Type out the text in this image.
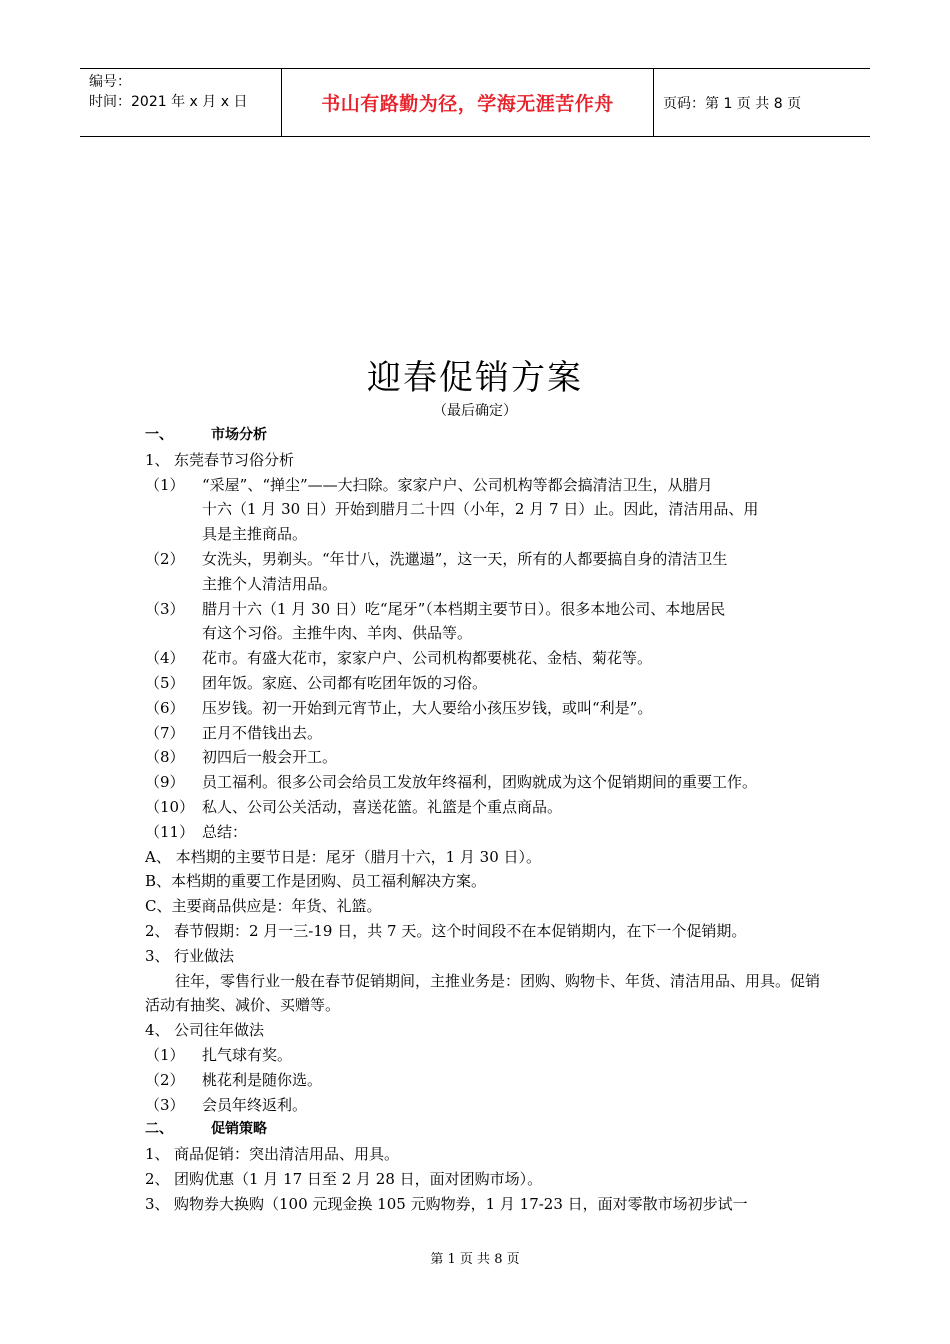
编号：
时间：2021 年 x 月 x 日	书山有路勤为径，学海无涯苦作舟	页码：第 1 页 共 8 页
迎春促销方案
（最后确定）
一、	市场分析
1、 东莞春节习俗分析
（1） “采屋”、“掸尘”——大扫除。家家户户、公司机构等都会搞清洁卫生，从腊月
十六（1 月 30 日）开始到腊月二十四（小年，2 月 7 日）止。因此，清洁用品、用
具是主推商品。
（2） 女洗头，男剃头。“年廿八，洗邋遢”，这一天，所有的人都要搞自身的清洁卫生
主推个人清洁用品。
（3） 腊月十六（1 月 30 日）吃“尾牙”（本档期主要节日）。很多本地公司、本地居民
有这个习俗。主推牛肉、羊肉、供品等。
（4） 花市。有盛大花市，家家户户、公司机构都要桃花、金桔、菊花等。
（5） 团年饭。家庭、公司都有吃团年饭的习俗。
（6） 压岁钱。初一开始到元宵节止，大人要给小孩压岁钱，或叫“利是”。
（7） 正月不借钱出去。
（8） 初四后一般会开工。
（9） 员工福利。很多公司会给员工发放年终福利，团购就成为这个促销期间的重要工作。
（10） 私人、公司公关活动，喜送花篮。礼篮是个重点商品。
（11） 总结：
A、 本档期的主要节日是：尾牙（腊月十六，1 月 30 日）。
B、本档期的重要工作是团购、员工福利解决方案。
C、主要商品供应是：年货、礼篮。
2、 春节假期：2 月一三-19 日，共 7 天。这个时间段不在本促销期内，在下一个促销期。
3、 行业做法
往年，零售行业一般在春节促销期间，主推业务是：团购、购物卡、年货、清洁用品、用具。促销活动有抽奖、减价、买赠等。
4、 公司往年做法
（1） 扎气球有奖。
（2） 桃花利是随你选。
（3） 会员年终返利。
二、	促销策略
1、 商品促销：突出清洁用品、用具。
2、 团购优惠（1 月 17 日至 2 月 28 日，面对团购市场）。
3、 购物券大换购（100 元现金换 105 元购物券，1 月 17-23 日，面对零散市场初步试一
第 1 页 共 8 页
